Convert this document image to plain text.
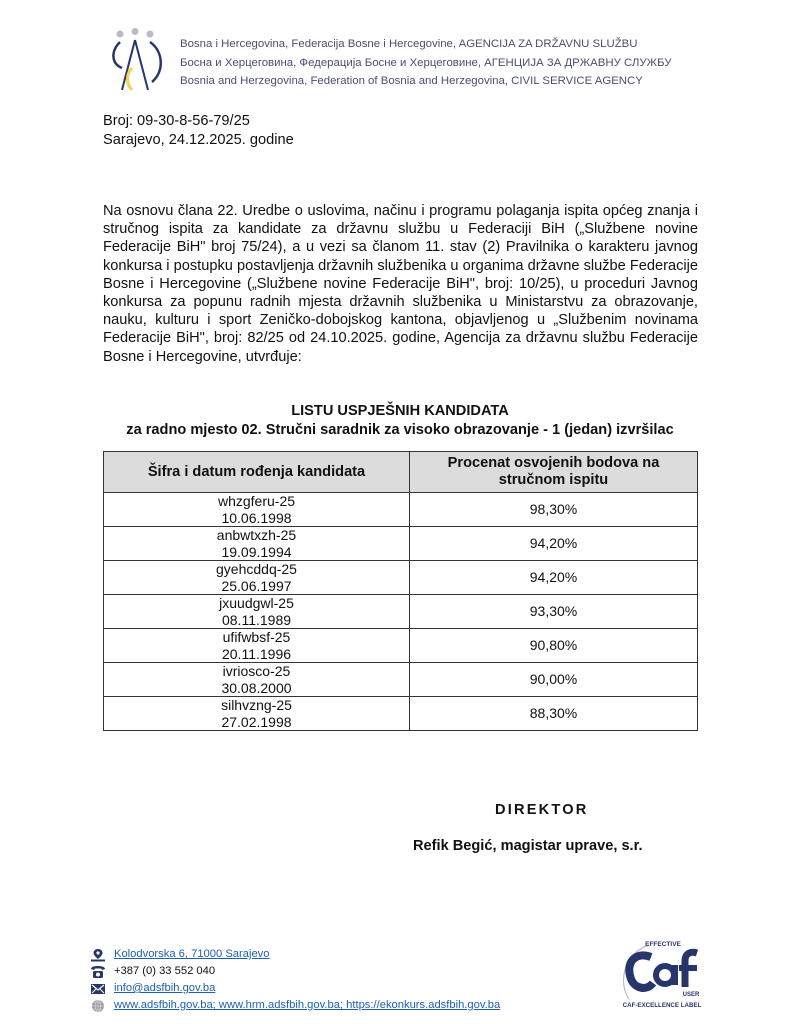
Bosna i Hercegovina, Federacija Bosne i Hercegovine, AGENCIJA ZA DRŽAVNU SLUŽBU
Босна и Херцеговина, Федерација Босне и Херцеговине, АГЕНЦИЈА ЗА ДРЖАВНУ СЛУЖБУ
Bosnia and Herzegovina, Federation of Bosnia and Herzegovina, CIVIL SERVICE AGENCY
Broj: 09-30-8-56-79/25
Sarajevo, 24.12.2025. godine
Na osnovu člana 22. Uredbe o uslovima, načinu i programu polaganja ispita općeg znanja i stručnog ispita za kandidate za državnu službu u Federaciji BiH („Službene novine Federacije BiH" broj 75/24), a u vezi sa članom 11. stav (2) Pravilnika o karakteru javnog konkursa i postupku postavljenja državnih službenika u organima državne službe Federacije Bosne i Hercegovine („Službene novine Federacije BiH", broj: 10/25), u proceduri Javnog konkursa za popunu radnih mjesta državnih službenika u Ministarstvu za obrazovanje, nauku, kulturu i sport Zeničko-dobojskog kantona, objavljenog u „Službenim novinama Federacije BiH", broj: 82/25 od 24.10.2025. godine, Agencija za državnu službu Federacije Bosne i Hercegovine, utvrđuje:
LISTU USPJEŠNIH KANDIDATA
za radno mjesto 02. Stručni saradnik za visoko obrazovanje - 1 (jedan) izvršilac
Šifra i datum rođenja kandidata	Procenat osvojenih bodova na stručnom ispitu

whzgferu-25
10.06.1998	98,30%

anbwtxzh-25
19.09.1994	94,20%

gyehcddq-25
25.06.1997	94,20%

jxuudgwl-25
08.11.1989	93,30%

ufifwbsf-25
20.11.1996	90,80%

ivriosco-25
30.08.2000	90,00%

silhvzng-25
27.02.1998	88,30%
DIREKTOR
Refik Begić, magistar uprave, s.r.
Kolodvorska 6, 71000 Sarajevo
+387 (0) 33 552 040
info@adsfbih.gov.ba
www.adsfbih.gov.ba; www.hrm.adsfbih.gov.ba; https://ekonkurs.adsfbih.gov.ba
EFFECTIVE
USER
CAF-EXCELLENCE LABEL
